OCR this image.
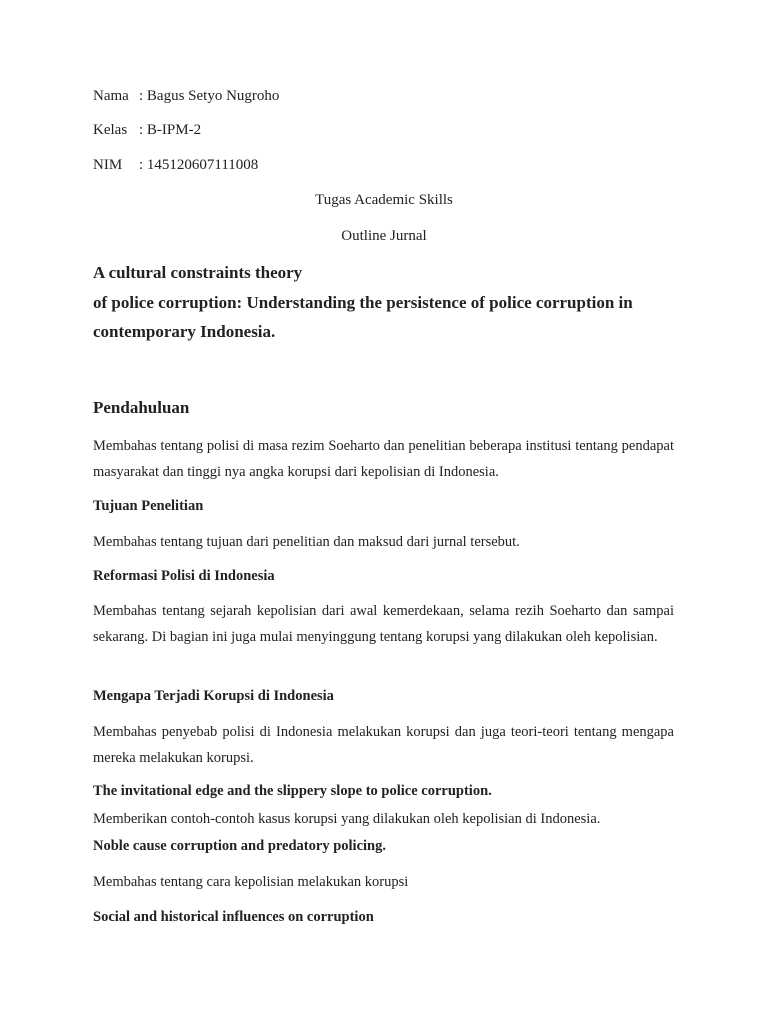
Nama : Bagus Setyo Nugroho

Kelas : B-IPM-2

NIM : 145120607111008

Tugas Academic Skills

Outline Jurnal

A cultural constraints theory
of police corruption: Understanding the persistence of police corruption in contemporary Indonesia.
Pendahuluan

Membahas tentang polisi di masa rezim Soeharto dan penelitian beberapa institusi tentang pendapat masyarakat dan tinggi nya angka korupsi dari kepolisian di Indonesia.

Tujuan Penelitian

Membahas tentang tujuan dari penelitian dan maksud dari jurnal tersebut.

Reformasi Polisi di Indonesia

Membahas tentang sejarah kepolisian dari awal kemerdekaan, selama rezih Soeharto dan sampai sekarang. Di bagian ini juga mulai menyinggung tentang korupsi yang dilakukan oleh kepolisian.

Mengapa Terjadi Korupsi di Indonesia

Membahas penyebab polisi di Indonesia melakukan korupsi dan juga teori-teori tentang mengapa mereka melakukan korupsi.

The invitational edge and the slippery slope to police corruption.

Memberikan contoh-contoh kasus korupsi yang dilakukan oleh kepolisian di Indonesia.

Noble cause corruption and predatory policing.

Membahas tentang cara kepolisian melakukan korupsi

Social and historical influences on corruption
